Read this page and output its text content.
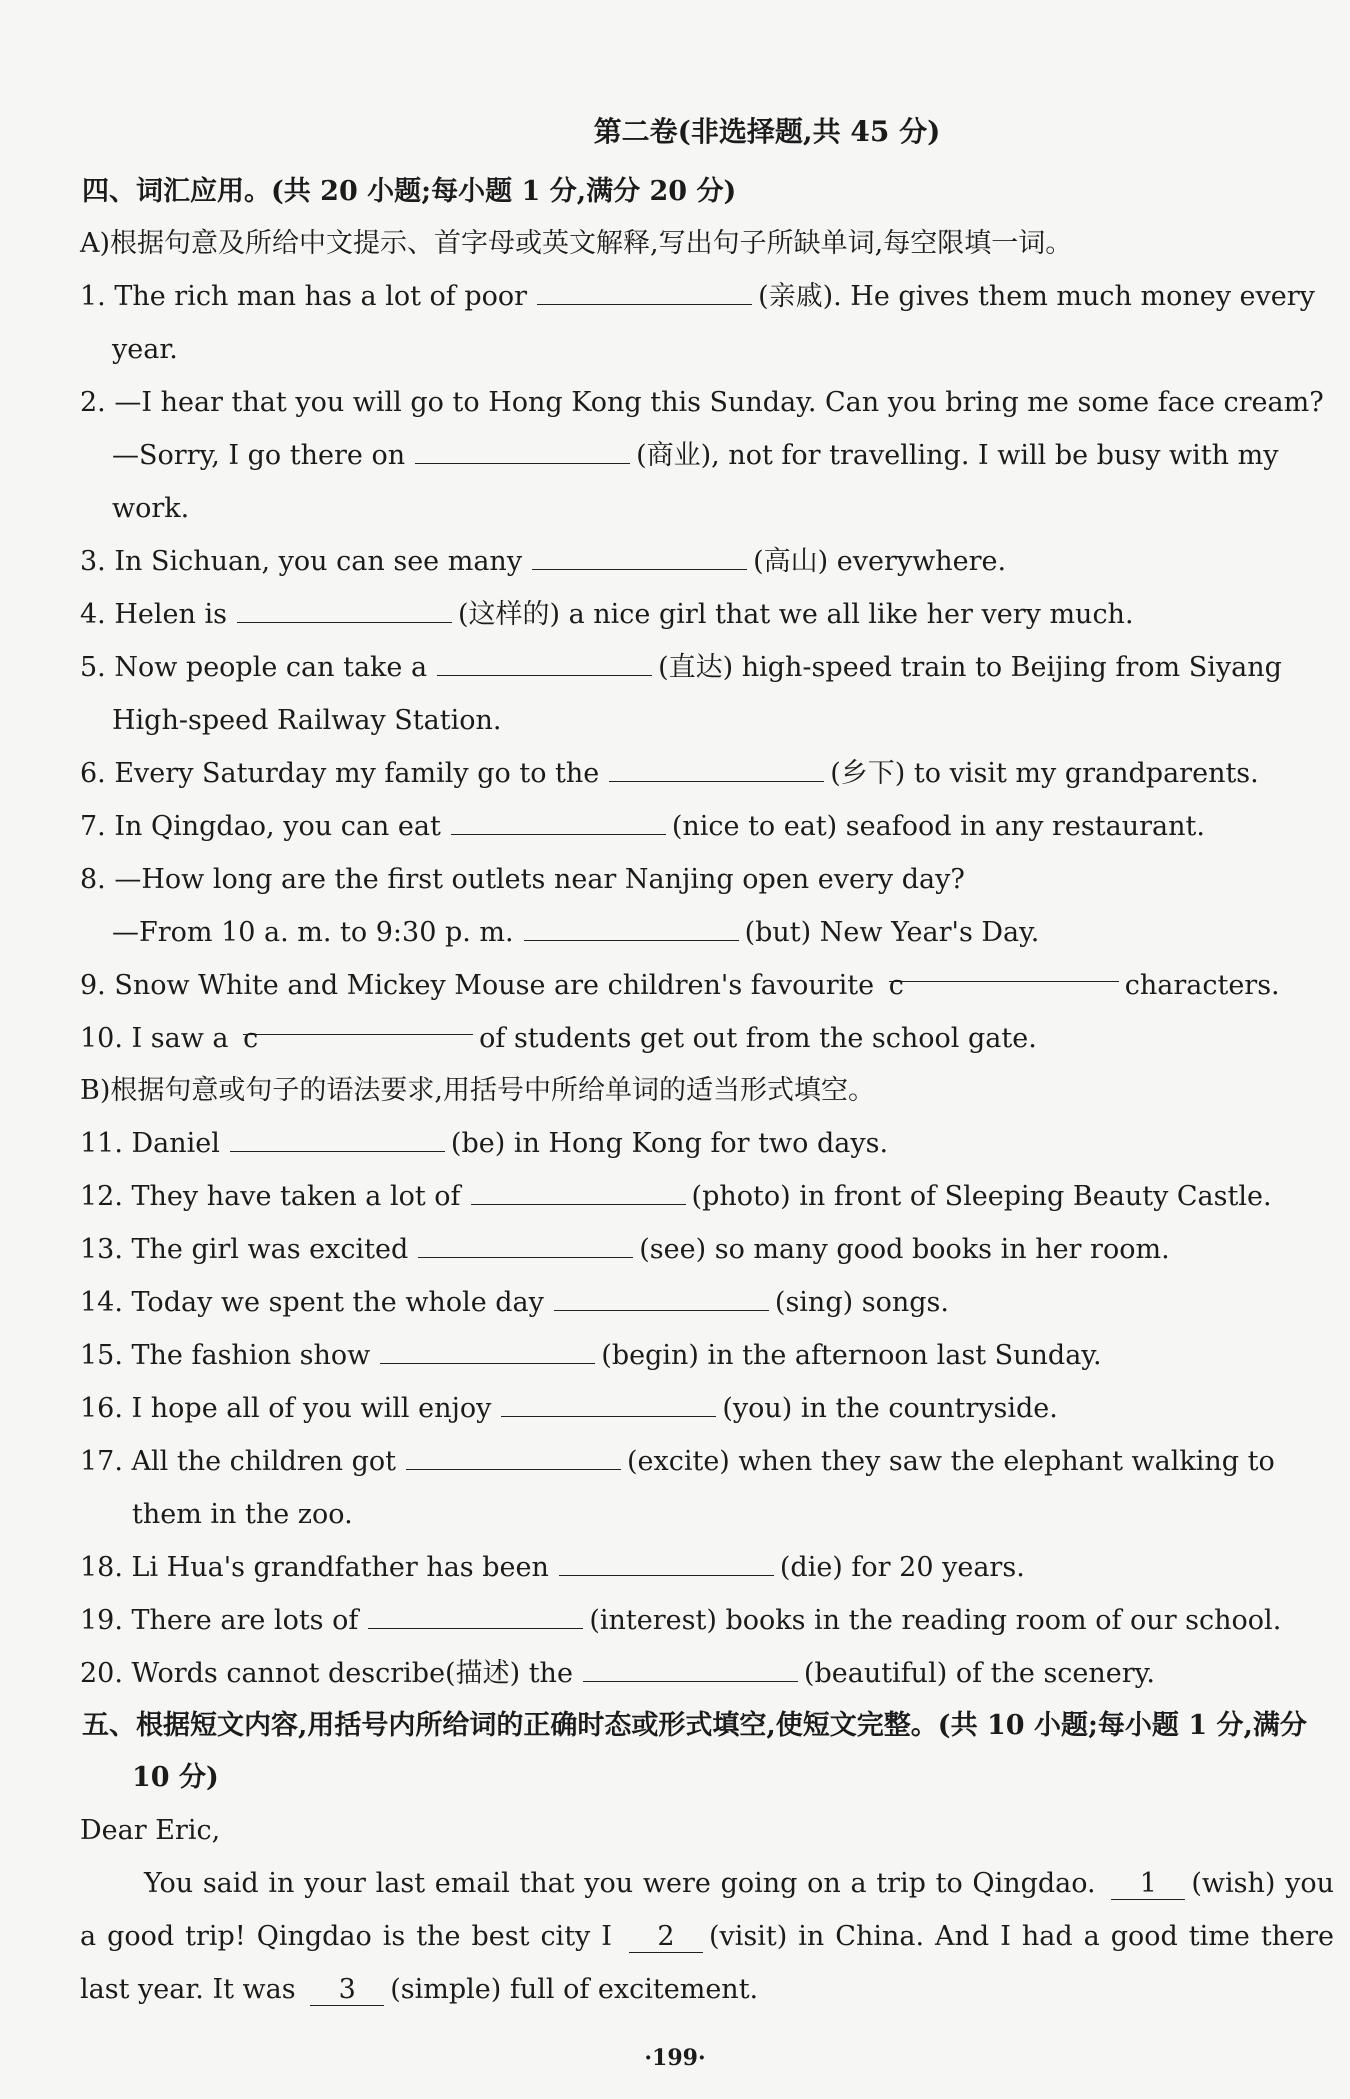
第二卷(非选择题,共 45 分)

四、词汇应用。(共 20 小题;每小题 1 分,满分 20 分)

A)根据句意及所给中文提示、首字母或英文解释,写出句子所缺单词,每空限填一词。

1. The rich man has a lot of poor	(亲戚). He gives them much money every year.

2. —I hear that you will go to Hong Kong this Sunday. Can you bring me some face cream?

—Sorry, I go there on	(商业), not for travelling. I will be busy with my work.

3. In Sichuan, you can see many	(高山) everywhere.

4. Helen is	(这样的) a nice girl that we all like her very much.

5. Now people can take a	(直达) high-speed train to Beijing from Siyang High-speed Railway Station.

6. Every Saturday my family go to the	(乡下) to visit my grandparents.

7. In Qingdao, you can eat	(nice to eat) seafood in any restaurant.

8. —How long are the first outlets near Nanjing open every day?

—From 10 a. m. to 9:30 p. m.	(but) New Year's Day.

9. Snow White and Mickey Mouse are children's favourite c	characters.

10. I saw a c	of students get out from the school gate.

B)根据句意或句子的语法要求,用括号中所给单词的适当形式填空。

11. Daniel	(be) in Hong Kong for two days.

12. They have taken a lot of	(photo) in front of Sleeping Beauty Castle.

13. The girl was excited	(see) so many good books in her room.

14. Today we spent the whole day	(sing) songs.

15. The fashion show	(begin) in the afternoon last Sunday.

16. I hope all of you will enjoy	(you) in the countryside.

17. All the children got	(excite) when they saw the elephant walking to them in the zoo.

18. Li Hua's grandfather has been	(die) for 20 years.

19. There are lots of	(interest) books in the reading room of our school.

20. Words cannot describe(描述) the	(beautiful) of the scenery.

五、根据短文内容,用括号内所给词的正确时态或形式填空,使短文完整。(共 10 小题;每小题 1 分,满分 10 分)

Dear Eric,

You said in your last email that you were going on a trip to Qingdao. 1 (wish) you a good trip! Qingdao is the best city I 2 (visit) in China. And I had a good time there last year. It was 3 (simple) full of excitement.

·199·
